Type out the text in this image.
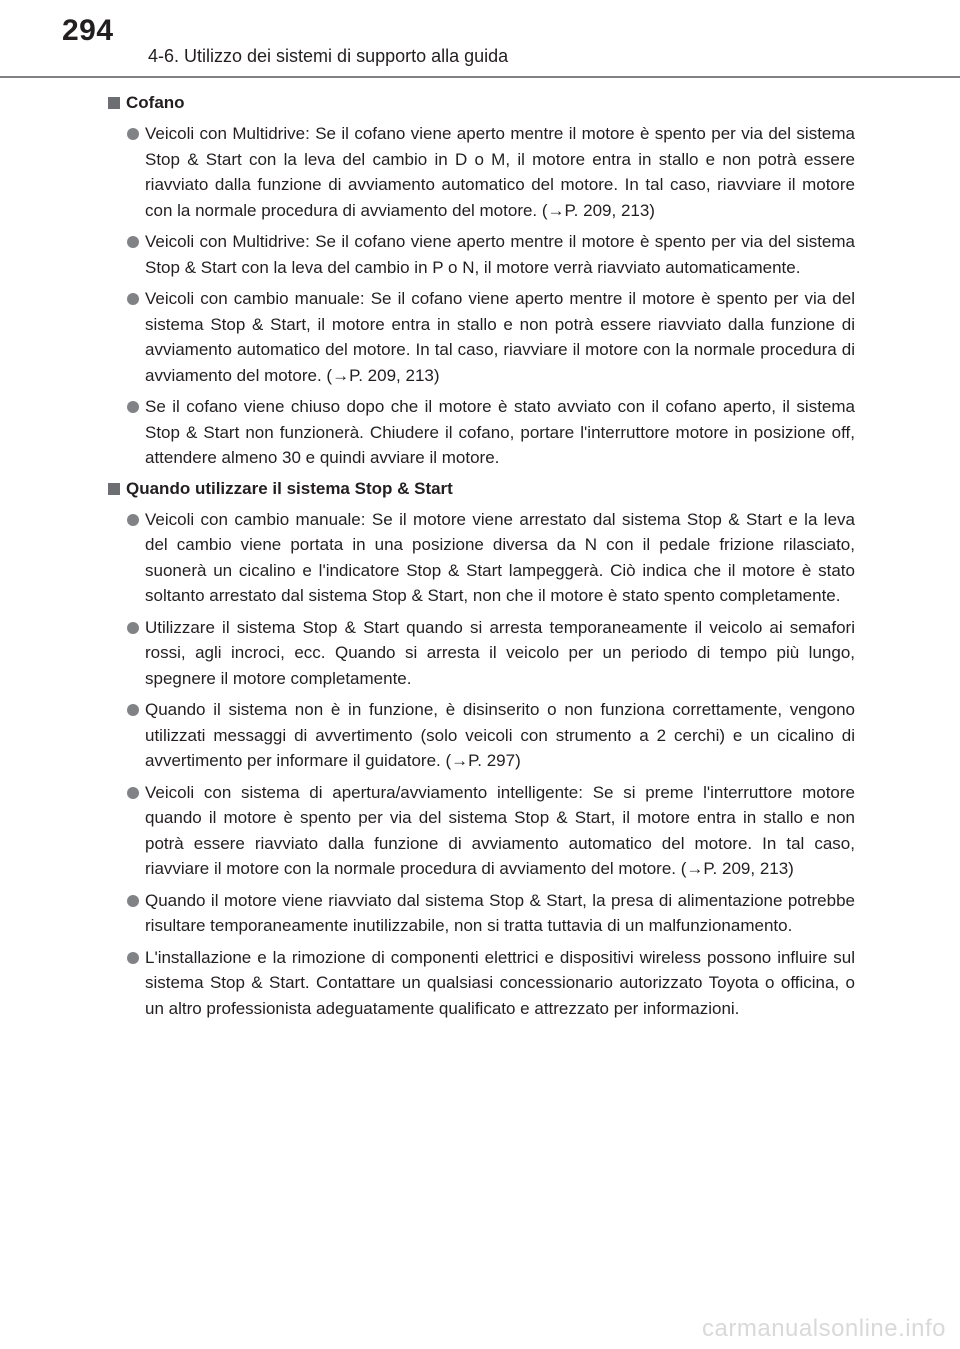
294
4-6. Utilizzo dei sistemi di supporto alla guida
Cofano
Veicoli con Multidrive: Se il cofano viene aperto mentre il motore è spento per via del sistema Stop & Start con la leva del cambio in D o M, il motore entra in stallo e non potrà essere riavviato dalla funzione di avviamento automatico del motore. In tal caso, riavviare il motore con la normale procedura di avviamento del motore. (→P. 209, 213)
Veicoli con Multidrive: Se il cofano viene aperto mentre il motore è spento per via del sistema Stop & Start con la leva del cambio in P o N, il motore verrà riavviato automaticamente.
Veicoli con cambio manuale: Se il cofano viene aperto mentre il motore è spento per via del sistema Stop & Start, il motore entra in stallo e non potrà essere riavviato dalla funzione di avviamento automatico del motore. In tal caso, riavviare il motore con la normale procedura di avviamento del motore. (→P. 209, 213)
Se il cofano viene chiuso dopo che il motore è stato avviato con il cofano aperto, il sistema Stop & Start non funzionerà. Chiudere il cofano, portare l'interruttore motore in posizione off, attendere almeno 30 e quindi avviare il motore.
Quando utilizzare il sistema Stop & Start
Veicoli con cambio manuale: Se il motore viene arrestato dal sistema Stop & Start e la leva del cambio viene portata in una posizione diversa da N con il pedale frizione rilasciato, suonerà un cicalino e l'indicatore Stop & Start lampeggerà. Ciò indica che il motore è stato soltanto arrestato dal sistema Stop & Start, non che il motore è stato spento completamente.
Utilizzare il sistema Stop & Start quando si arresta temporaneamente il veicolo ai semafori rossi, agli incroci, ecc. Quando si arresta il veicolo per un periodo di tempo più lungo, spegnere il motore completamente.
Quando il sistema non è in funzione, è disinserito o non funziona correttamente, vengono utilizzati messaggi di avvertimento (solo veicoli con strumento a 2 cerchi) e un cicalino di avvertimento per informare il guidatore. (→P. 297)
Veicoli con sistema di apertura/avviamento intelligente: Se si preme l'interruttore motore quando il motore è spento per via del sistema Stop & Start, il motore entra in stallo e non potrà essere riavviato dalla funzione di avviamento automatico del motore. In tal caso, riavviare il motore con la normale procedura di avviamento del motore. (→P. 209, 213)
Quando il motore viene riavviato dal sistema Stop & Start, la presa di alimentazione potrebbe risultare temporaneamente inutilizzabile, non si tratta tuttavia di un malfunzionamento.
L'installazione e la rimozione di componenti elettrici e dispositivi wireless possono influire sul sistema Stop & Start. Contattare un qualsiasi concessionario autorizzato Toyota o officina, o un altro professionista adeguatamente qualificato e attrezzato per informazioni.
carmanualsonline.info
